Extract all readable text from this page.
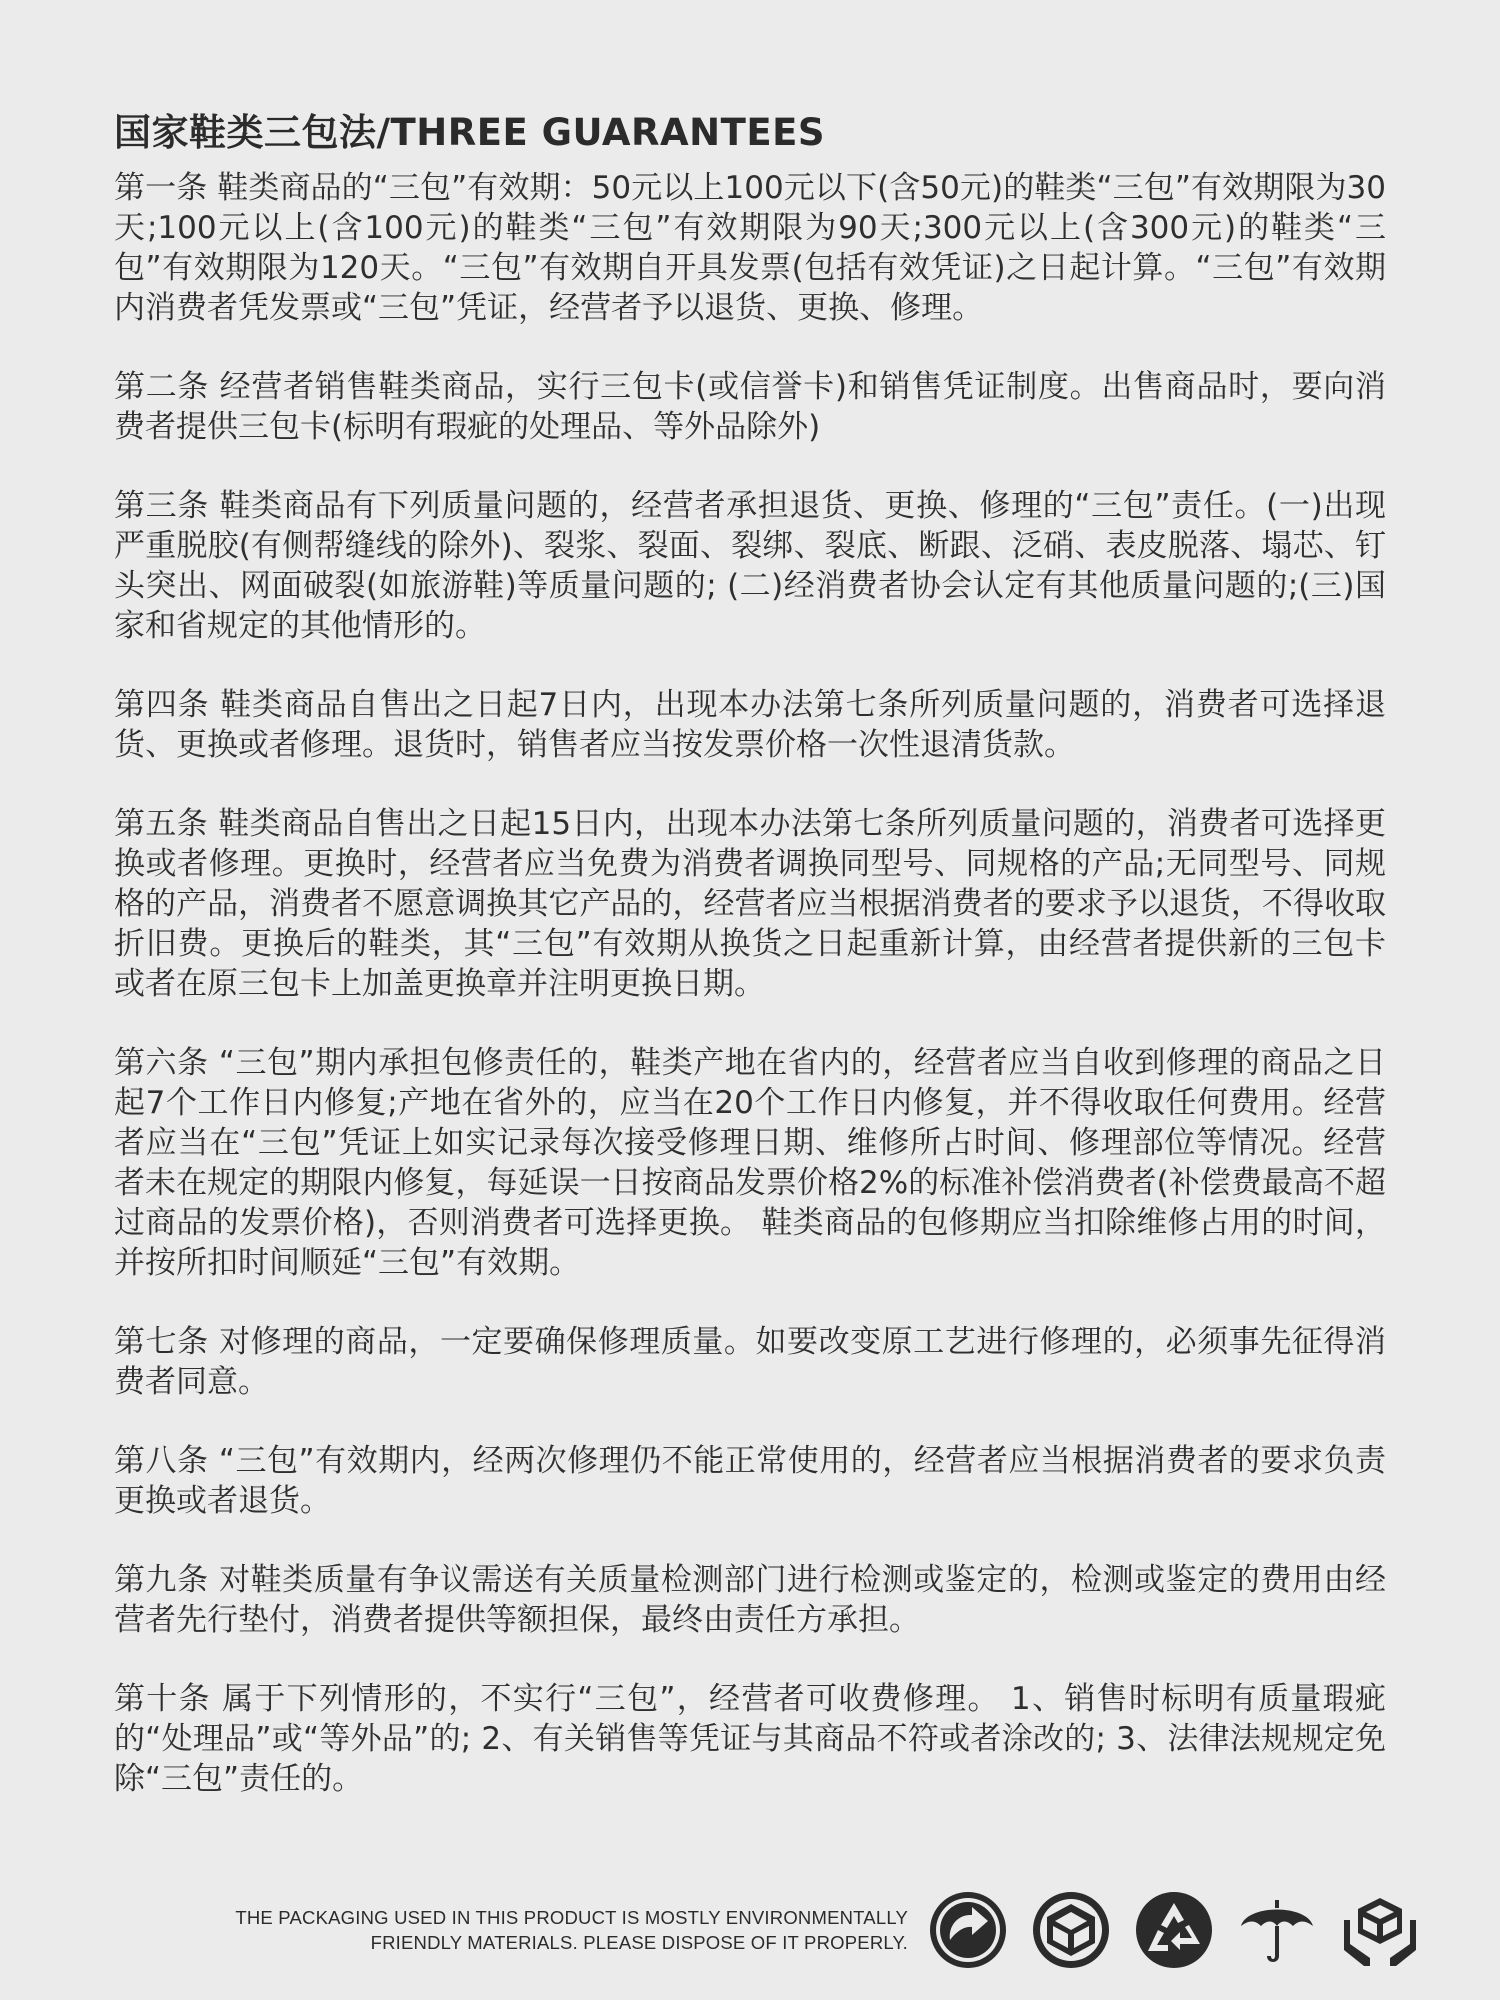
国家鞋类三包法/THREE GUARANTEES

第一条 鞋类商品的“三包”有效期：50元以上100元以下(含50元)的鞋类“三包”有效期限为30天;100元以上(含100元)的鞋类“三包”有效期限为90天;300元以上(含300元)的鞋类“三包”有效期限为120天。“三包”有效期自开具发票(包括有效凭证)之日起计算。“三包”有效期内消费者凭发票或“三包”凭证，经营者予以退货、更换、修理。

第二条 经营者销售鞋类商品，实行三包卡(或信誉卡)和销售凭证制度。出售商品时，要向消费者提供三包卡(标明有瑕疵的处理品、等外品除外)

第三条 鞋类商品有下列质量问题的，经营者承担退货、更换、修理的“三包”责任。(一)出现严重脱胶(有侧帮缝线的除外)、裂浆、裂面、裂绑、裂底、断跟、泛硝、表皮脱落、塌芯、钉头突出、网面破裂(如旅游鞋)等质量问题的; (二)经消费者协会认定有其他质量问题的;(三)国家和省规定的其他情形的。

第四条 鞋类商品自售出之日起7日内，出现本办法第七条所列质量问题的，消费者可选择退货、更换或者修理。退货时，销售者应当按发票价格一次性退清货款。

第五条 鞋类商品自售出之日起15日内，出现本办法第七条所列质量问题的，消费者可选择更换或者修理。更换时，经营者应当免费为消费者调换同型号、同规格的产品;无同型号、同规格的产品，消费者不愿意调换其它产品的，经营者应当根据消费者的要求予以退货，不得收取折旧费。更换后的鞋类，其“三包”有效期从换货之日起重新计算，由经营者提供新的三包卡或者在原三包卡上加盖更换章并注明更换日期。

第六条 “三包”期内承担包修责任的，鞋类产地在省内的，经营者应当自收到修理的商品之日起7个工作日内修复;产地在省外的，应当在20个工作日内修复，并不得收取任何费用。经营者应当在“三包”凭证上如实记录每次接受修理日期、维修所占时间、修理部位等情况。经营者未在规定的期限内修复，每延误一日按商品发票价格2%的标准补偿消费者(补偿费最高不超过商品的发票价格)，否则消费者可选择更换。 鞋类商品的包修期应当扣除维修占用的时间，并按所扣时间顺延“三包”有效期。

第七条 对修理的商品，一定要确保修理质量。如要改变原工艺进行修理的，必须事先征得消费者同意。

第八条 “三包”有效期内，经两次修理仍不能正常使用的，经营者应当根据消费者的要求负责更换或者退货。

第九条 对鞋类质量有争议需送有关质量检测部门进行检测或鉴定的，检测或鉴定的费用由经营者先行垫付，消费者提供等额担保，最终由责任方承担。

第十条 属于下列情形的，不实行“三包”，经营者可收费修理。 1、销售时标明有质量瑕疵的“处理品”或“等外品”的; 2、有关销售等凭证与其商品不符或者涂改的; 3、法律法规规定免除“三包”责任的。

THE PACKAGING USED IN THIS PRODUCT IS MOSTLY ENVIRONMENTALLY
FRIENDLY MATERIALS. PLEASE DISPOSE OF IT PROPERLY.
